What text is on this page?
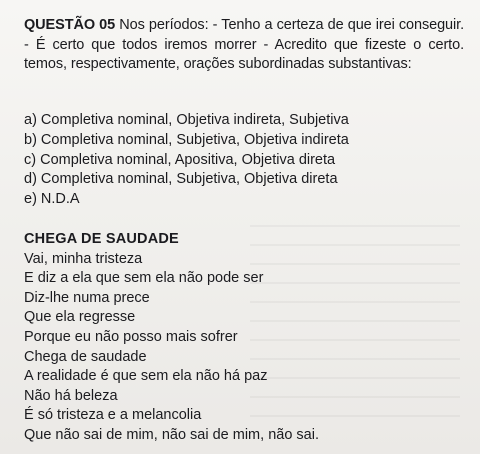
QUESTÃO 05 Nos períodos: - Tenho a certeza de que irei conseguir. - É certo que todos iremos morrer - Acredito que fizeste o certo. temos, respectivamente, orações subordinadas substantivas:
a) Completiva nominal, Objetiva indireta, Subjetiva
b) Completiva nominal, Subjetiva, Objetiva indireta
c) Completiva nominal, Apositiva, Objetiva direta
d) Completiva nominal, Subjetiva, Objetiva direta
e) N.D.A
CHEGA DE SAUDADE
Vai, minha tristeza
E diz a ela que sem ela não pode ser
Diz-lhe numa prece
Que ela regresse
Porque eu não posso mais sofrer
Chega de saudade
A realidade é que sem ela não há paz
Não há beleza
É só tristeza e a melancolia
Que não sai de mim, não sai de mim, não sai.
